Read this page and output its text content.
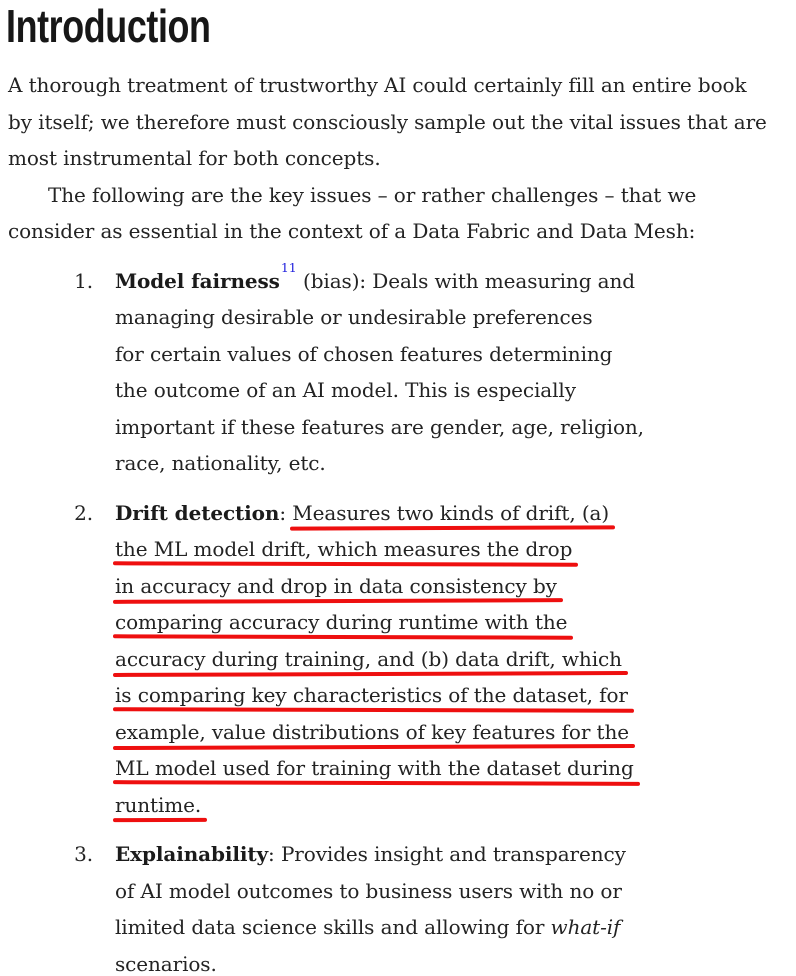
Introduction
A thorough treatment of trustworthy AI could certainly fill an entire book
by itself; we therefore must consciously sample out the vital issues that are
most instrumental for both concepts.
The following are the key issues – or rather challenges – that we
consider as essential in the context of a Data Fabric and Data Mesh:
1. Model fairness$^{11}$ (bias): Deals with measuring and
managing desirable or undesirable preferences
for certain values of chosen features determining
the outcome of an AI model. This is especially
important if these features are gender, age, religion,
race, nationality, etc.
2. Drift detection: Measures two kinds of drift, (a)
the ML model drift, which measures the drop
in accuracy and drop in data consistency by
comparing accuracy during runtime with the
accuracy during training, and (b) data drift, which
is comparing key characteristics of the dataset, for
example, value distributions of key features for the
ML model used for training with the dataset during
runtime.
3. Explainability: Provides insight and transparency
of AI model outcomes to business users with no or
limited data science skills and allowing for what-if
scenarios.
